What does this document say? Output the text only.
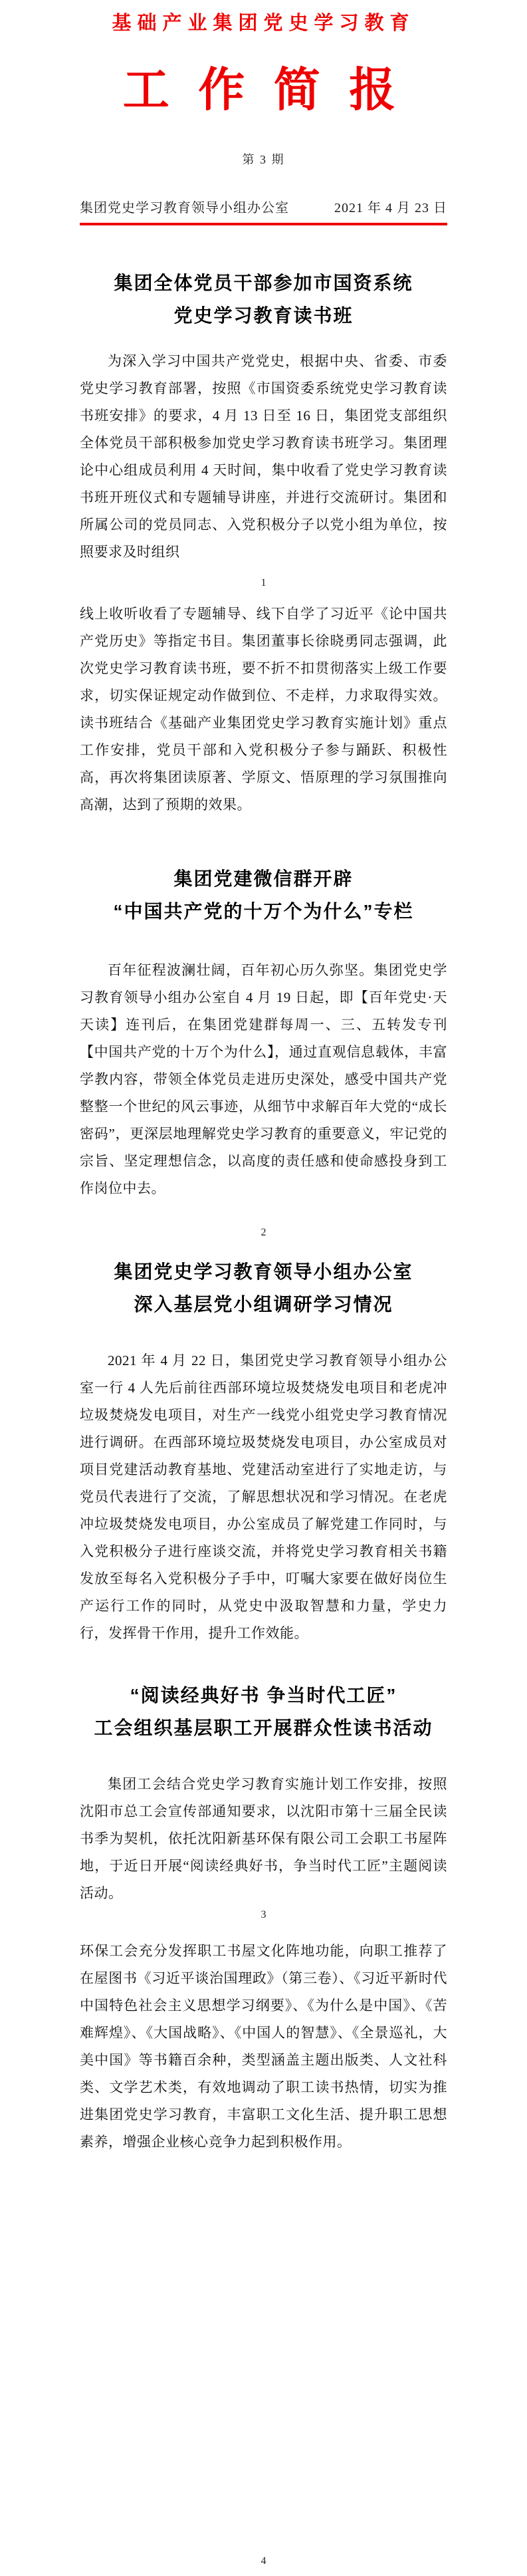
基础产业集团党史学习教育
工 作 简 报
第 3 期
集团党史学习教育领导小组办公室	2021 年 4 月 23 日
集团全体党员干部参加市国资系统
党史学习教育读书班

为深入学习中国共产党党史，根据中央、省委、市委党史学习教育部署，按照《市国资委系统党史学习教育读书班安排》的要求，4 月 13 日至 16 日，集团党支部组织全体党员干部积极参加党史学习教育读书班学习。集团理论中心组成员利用 4 天时间，集中收看了党史学习教育读书班开班仪式和专题辅导讲座，并进行交流研讨。集团和所属公司的党员同志、入党积极分子以党小组为单位，按照要求及时组织

1

线上收听收看了专题辅导、线下自学了习近平《论中国共产党历史》等指定书目。集团董事长徐晓勇同志强调，此次党史学习教育读书班，要不折不扣贯彻落实上级工作要求，切实保证规定动作做到位、不走样，力求取得实效。读书班结合《基础产业集团党史学习教育实施计划》重点工作安排，党员干部和入党积极分子参与踊跃、积极性高，再次将集团读原著、学原文、悟原理的学习氛围推向高潮，达到了预期的效果。

集团党建微信群开辟
“中国共产党的十万个为什么”专栏

百年征程波澜壮阔，百年初心历久弥坚。集团党史学习教育领导小组办公室自 4 月 19 日起，即【百年党史·天天读】连刊后，在集团党建群每周一、三、五转发专刊【中国共产党的十万个为什么】，通过直观信息载体，丰富学教内容，带领全体党员走进历史深处，感受中国共产党整整一个世纪的风云事迹，从细节中求解百年大党的“成长密码”，更深层地理解党史学习教育的重要意义，牢记党的宗旨、坚定理想信念，以高度的责任感和使命感投身到工作岗位中去。

2
集团党史学习教育领导小组办公室
深入基层党小组调研学习情况

2021 年 4 月 22 日，集团党史学习教育领导小组办公室一行 4 人先后前往西部环境垃圾焚烧发电项目和老虎冲垃圾焚烧发电项目，对生产一线党小组党史学习教育情况进行调研。在西部环境垃圾焚烧发电项目，办公室成员对项目党建活动教育基地、党建活动室进行了实地走访，与党员代表进行了交流，了解思想状况和学习情况。在老虎冲垃圾焚烧发电项目，办公室成员了解党建工作同时，与入党积极分子进行座谈交流，并将党史学习教育相关书籍发放至每名入党积极分子手中，叮嘱大家要在做好岗位生产运行工作的同时，从党史中汲取智慧和力量，学史力行，发挥骨干作用，提升工作效能。

“阅读经典好书 争当时代工匠”
工会组织基层职工开展群众性读书活动

集团工会结合党史学习教育实施计划工作安排，按照沈阳市总工会宣传部通知要求，以沈阳市第十三届全民读书季为契机，依托沈阳新基环保有限公司工会职工书屋阵地，于近日开展“阅读经典好书，争当时代工匠”主题阅读活动。

3

环保工会充分发挥职工书屋文化阵地功能，向职工推荐了在屋图书《习近平谈治国理政》（第三卷）、《习近平新时代中国特色社会主义思想学习纲要》、《为什么是中国》、《苦难辉煌》、《大国战略》、《中国人的智慧》、《全景巡礼，大美中国》等书籍百余种，类型涵盖主题出版类、人文社科类、文学艺术类，有效地调动了职工读书热情，切实为推进集团党史学习教育，丰富职工文化生活、提升职工思想素养，增强企业核心竞争力起到积极作用。

4
